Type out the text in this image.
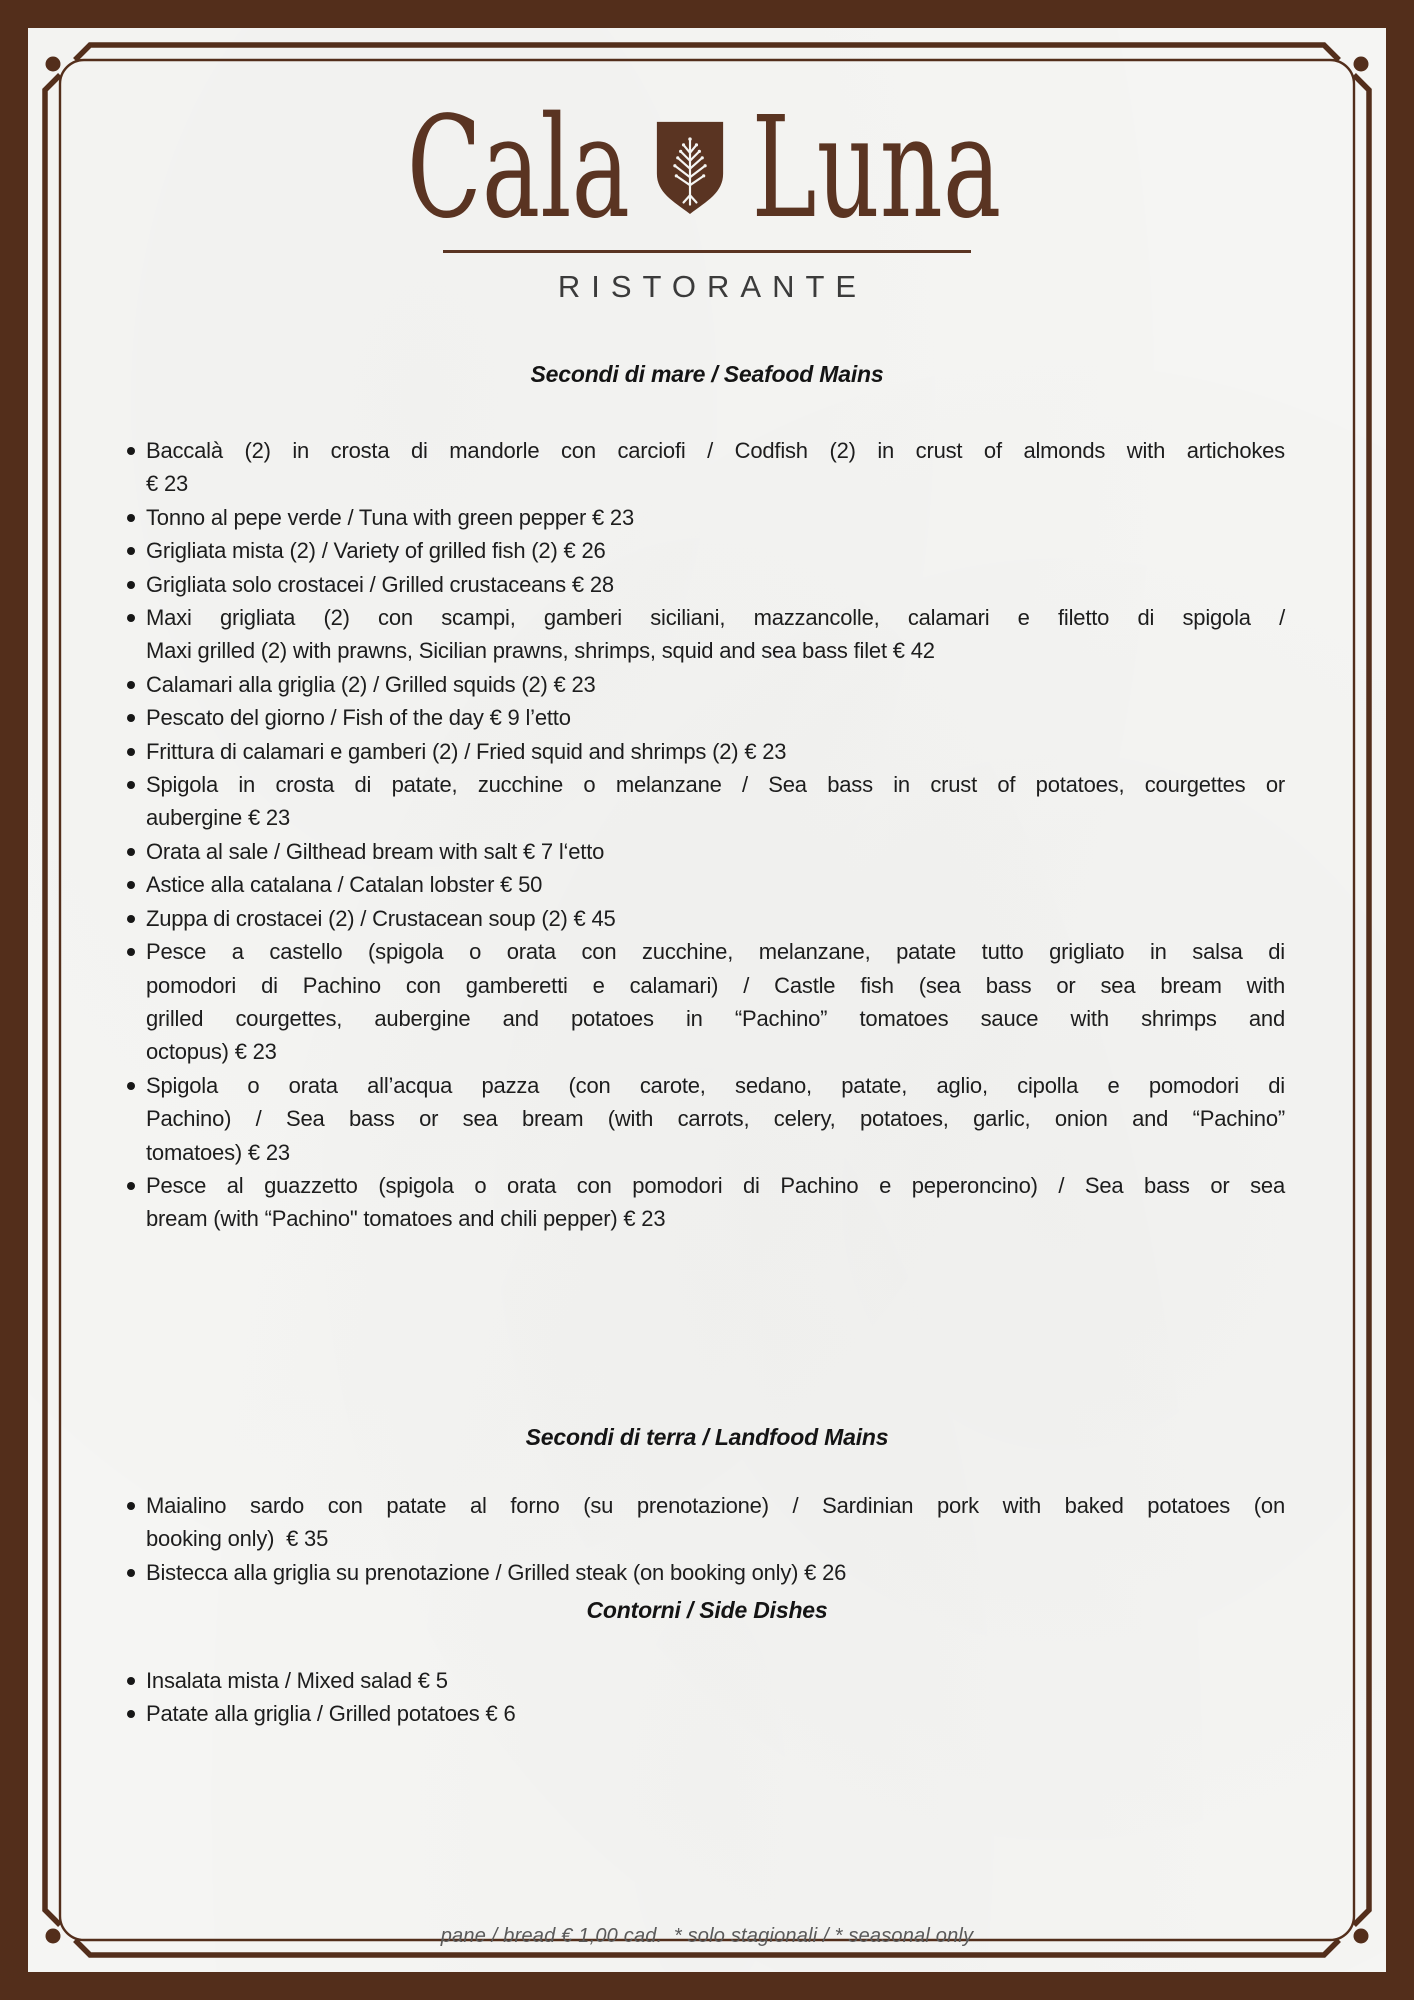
Cala Luna
RISTORANTE
Secondi di mare / Seafood Mains
Baccalà (2) in crosta di mandorle con carciofi / Codfish (2) in crust of almonds with artichokes
€ 23
Tonno al pepe verde / Tuna with green pepper € 23
Grigliata mista (2) / Variety of grilled fish (2) € 26
Grigliata solo crostacei / Grilled crustaceans € 28
Maxi grigliata (2) con scampi, gamberi siciliani, mazzancolle, calamari e filetto di spigola /
Maxi grilled (2) with prawns, Sicilian prawns, shrimps, squid and sea bass filet € 42
Calamari alla griglia (2) / Grilled squids (2) € 23
Pescato del giorno / Fish of the day € 9 l’etto
Frittura di calamari e gamberi (2) / Fried squid and shrimps (2) € 23
Spigola in crosta di patate, zucchine o melanzane / Sea bass in crust of potatoes, courgettes or
aubergine € 23
Orata al sale / Gilthead bream with salt € 7 l‘etto
Astice alla catalana / Catalan lobster € 50
Zuppa di crostacei (2) / Crustacean soup (2) € 45
Pesce a castello (spigola o orata con zucchine, melanzane, patate tutto grigliato in salsa di
pomodori di Pachino con gamberetti e calamari) / Castle fish (sea bass or sea bream with
grilled courgettes, aubergine and potatoes in “Pachino” tomatoes sauce with shrimps and
octopus) € 23
Spigola o orata all’acqua pazza (con carote, sedano, patate, aglio, cipolla e pomodori di
Pachino) / Sea bass or sea bream (with carrots, celery, potatoes, garlic, onion and “Pachino”
tomatoes) € 23
Pesce al guazzetto (spigola o orata con pomodori di Pachino e peperoncino) / Sea bass or sea
bream (with “Pachino" tomatoes and chili pepper) € 23
Secondi di terra / Landfood Mains
Maialino sardo con patate al forno (su prenotazione) / Sardinian pork with baked potatoes (on
booking only)  € 35
Bistecca alla griglia su prenotazione / Grilled steak (on booking only) € 26
Contorni / Side Dishes
Insalata mista / Mixed salad € 5
Patate alla griglia / Grilled potatoes € 6

pane / bread € 1,00 cad.  * solo stagionali / * seasonal only
